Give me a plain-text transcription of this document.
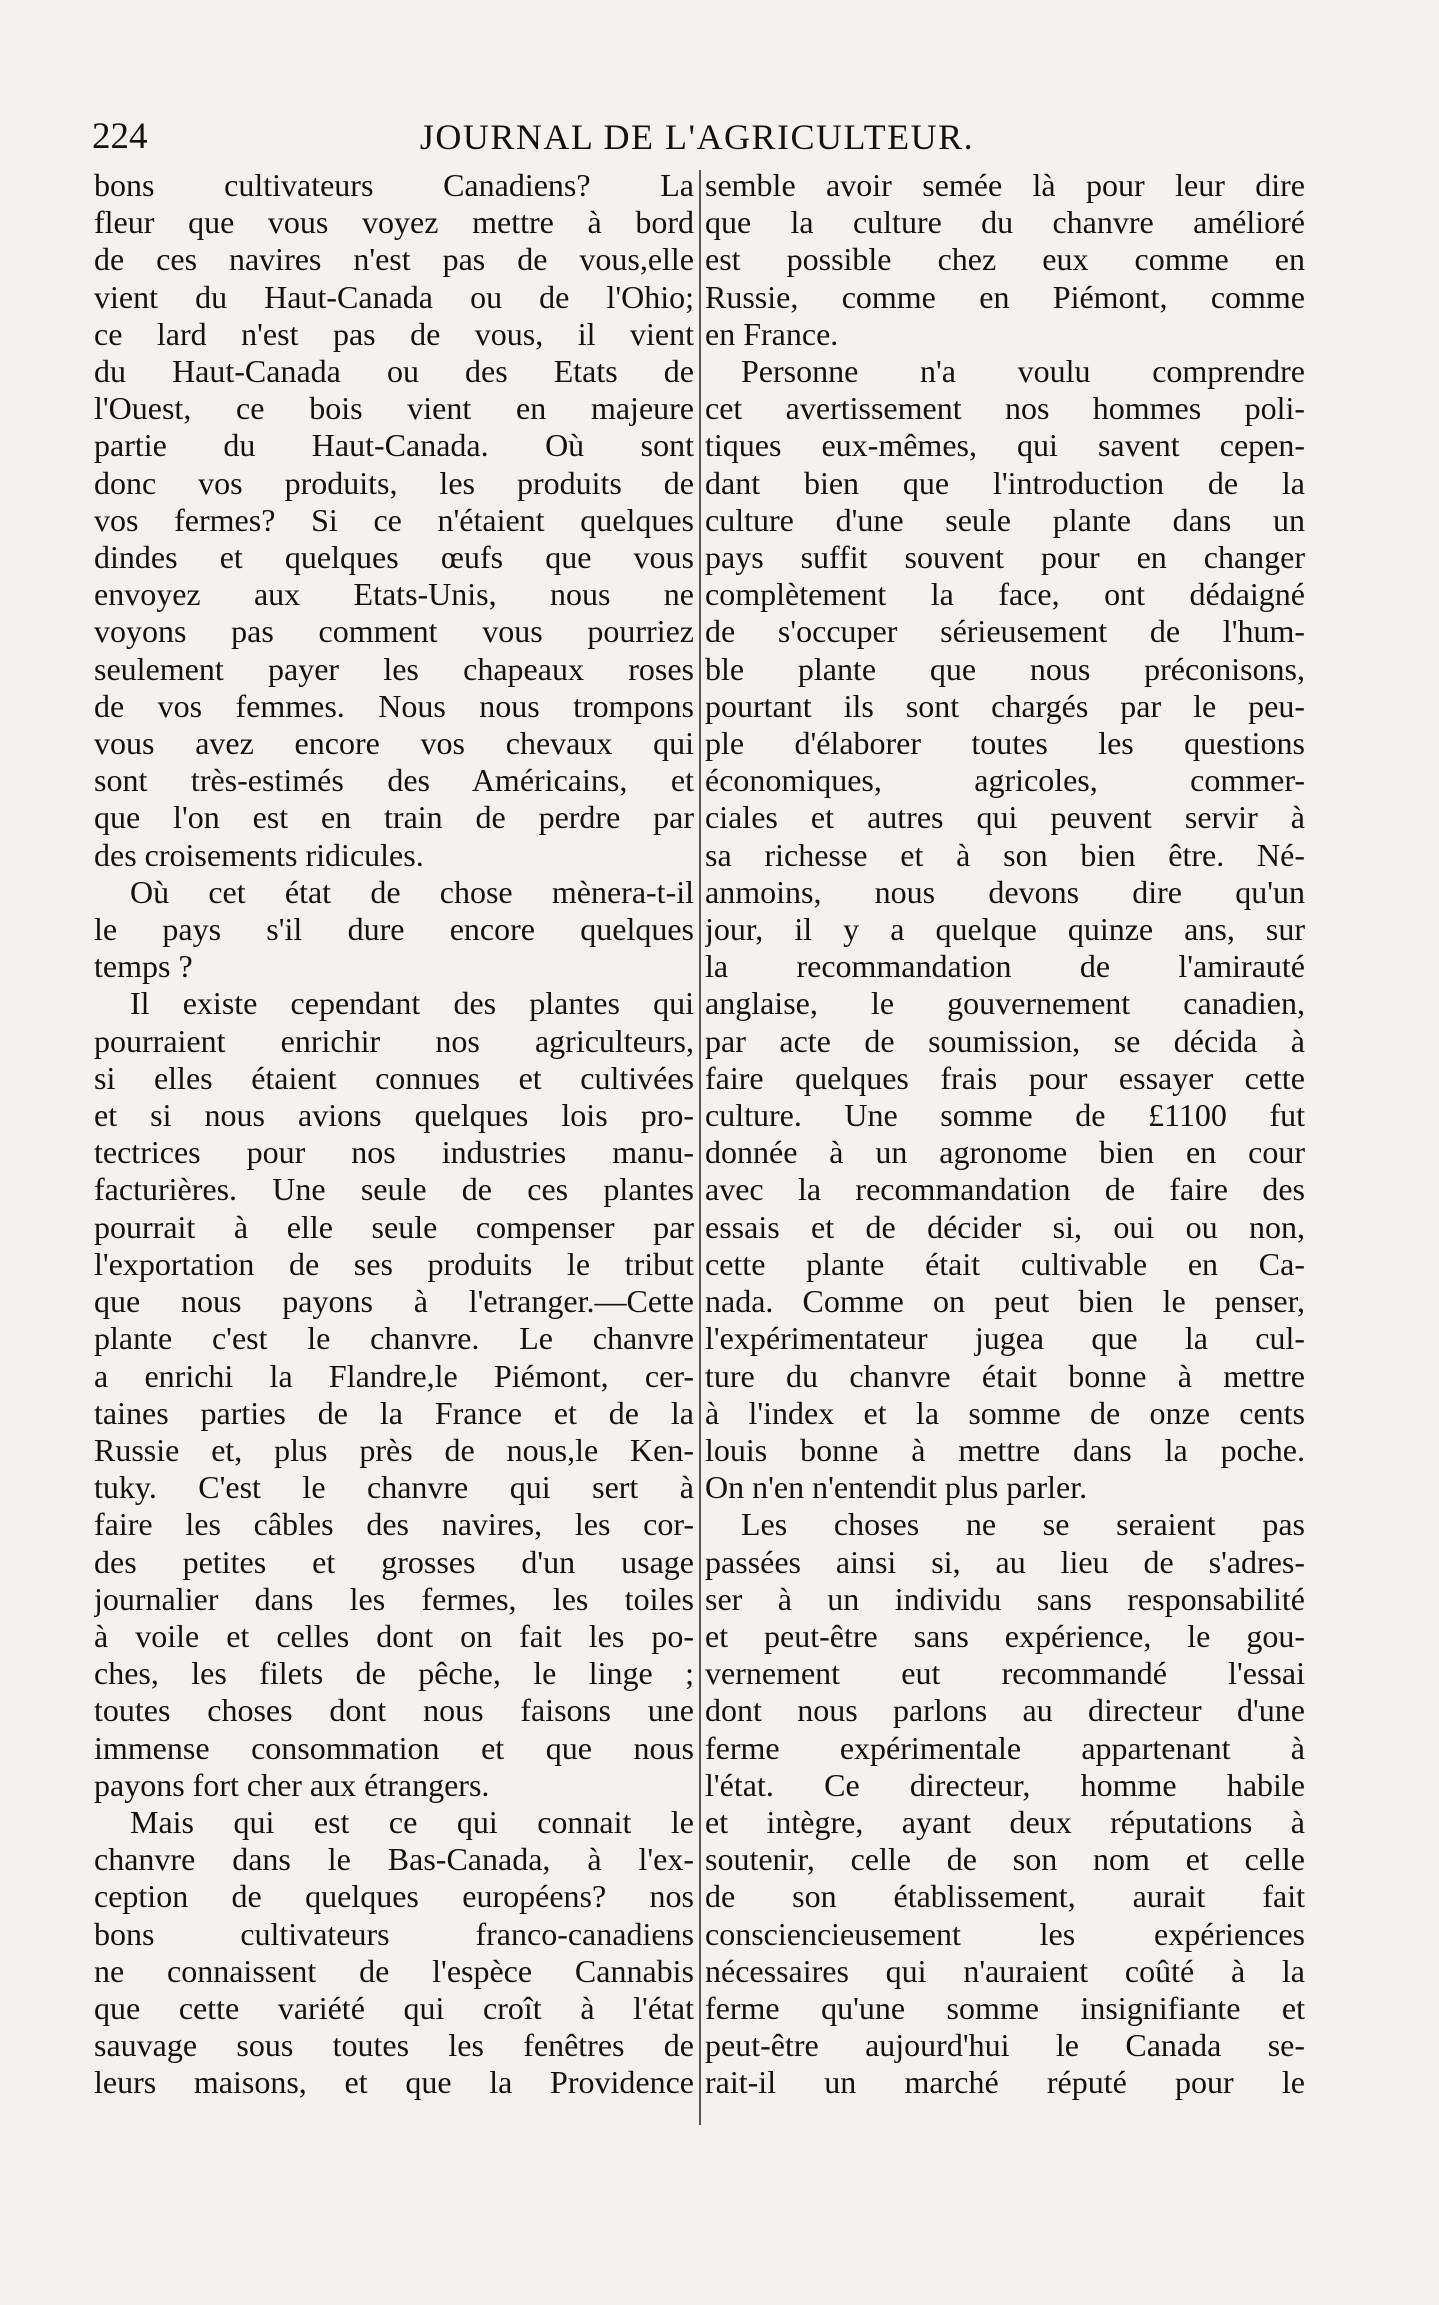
224	JOURNAL DE L'AGRICULTEUR.
bons cultivateurs Canadiens? La
fleur que vous voyez mettre à bord
de ces navires n'est pas de vous,elle
vient du Haut-Canada ou de l'Ohio;
ce lard n'est pas de vous, il vient
du Haut-Canada ou des Etats de
l'Ouest, ce bois vient en majeure
partie du Haut-Canada. Où sont
donc vos produits, les produits de
vos fermes? Si ce n'étaient quelques
dindes et quelques œufs que vous
envoyez aux Etats-Unis, nous ne
voyons pas comment vous pourriez
seulement payer les chapeaux roses
de vos femmes. Nous nous trompons
vous avez encore vos chevaux qui
sont très-estimés des Américains, et
que l'on est en train de perdre par
des croisements ridicules.
Où cet état de chose mènera-t-il
le pays s'il dure encore quelques
temps ?
Il existe cependant des plantes qui
pourraient enrichir nos agriculteurs,
si elles étaient connues et cultivées
et si nous avions quelques lois pro-
tectrices pour nos industries manu-
facturières. Une seule de ces plantes
pourrait à elle seule compenser par
l'exportation de ses produits le tribut
que nous payons à l'etranger.—Cette
plante c'est le chanvre. Le chanvre
a enrichi la Flandre,le Piémont, cer-
taines parties de la France et de la
Russie et, plus près de nous,le Ken-
tuky. C'est le chanvre qui sert à
faire les câbles des navires, les cor-
des petites et grosses d'un usage
journalier dans les fermes, les toiles
à voile et celles dont on fait les po-
ches, les filets de pêche, le linge ;
toutes choses dont nous faisons une
immense consommation et que nous
payons fort cher aux étrangers.
Mais qui est ce qui connait le
chanvre dans le Bas-Canada, à l'ex-
ception de quelques européens? nos
bons cultivateurs franco-canadiens
ne connaissent de l'espèce Cannabis
que cette variété qui croît à l'état
sauvage sous toutes les fenêtres de
leurs maisons, et que la Providence
semble avoir semée là pour leur dire
que la culture du chanvre amélioré
est possible chez eux comme en
Russie, comme en Piémont, comme
en France.
Personne n'a voulu comprendre
cet avertissement nos hommes poli-
tiques eux-mêmes, qui savent cepen-
dant bien que l'introduction de la
culture d'une seule plante dans un
pays suffit souvent pour en changer
complètement la face, ont dédaigné
de s'occuper sérieusement de l'hum-
ble plante que nous préconisons,
pourtant ils sont chargés par le peu-
ple d'élaborer toutes les questions
économiques, agricoles, commer-
ciales et autres qui peuvent servir à
sa richesse et à son bien être. Né-
anmoins, nous devons dire qu'un
jour, il y a quelque quinze ans, sur
la recommandation de l'amirauté
anglaise, le gouvernement canadien,
par acte de soumission, se décida à
faire quelques frais pour essayer cette
culture. Une somme de £1100 fut
donnée à un agronome bien en cour
avec la recommandation de faire des
essais et de décider si, oui ou non,
cette plante était cultivable en Ca-
nada. Comme on peut bien le penser,
l'expérimentateur jugea que la cul-
ture du chanvre était bonne à mettre
à l'index et la somme de onze cents
louis bonne à mettre dans la poche.
On n'en n'entendit plus parler.
Les choses ne se seraient pas
passées ainsi si, au lieu de s'adres-
ser à un individu sans responsabilité
et peut-être sans expérience, le gou-
vernement eut recommandé l'essai
dont nous parlons au directeur d'une
ferme expérimentale appartenant à
l'état. Ce directeur, homme habile
et intègre, ayant deux réputations à
soutenir, celle de son nom et celle
de son établissement, aurait fait
consciencieusement les expériences
nécessaires qui n'auraient coûté à la
ferme qu'une somme insignifiante et
peut-être aujourd'hui le Canada se-
rait-il un marché réputé pour le
